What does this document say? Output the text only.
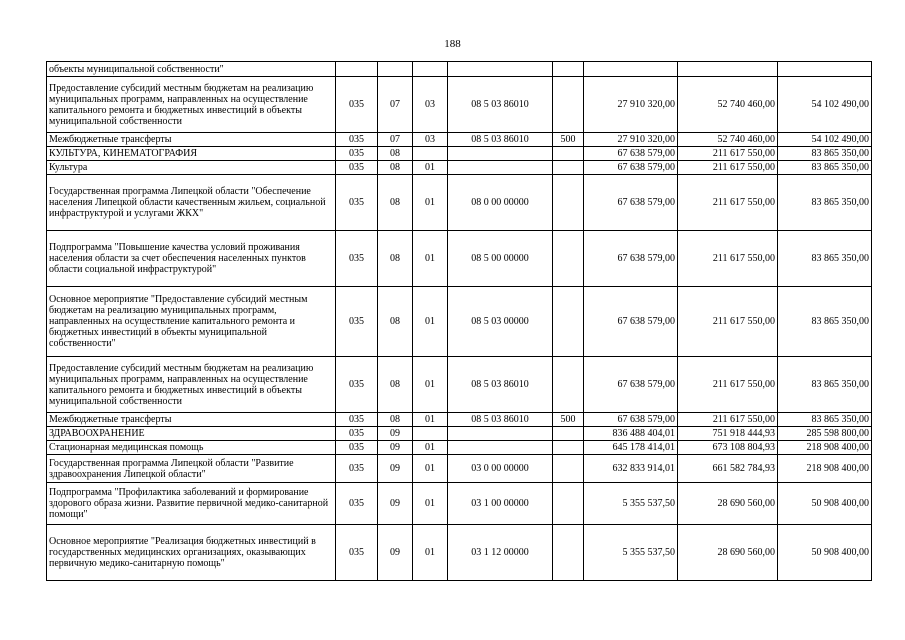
188
объекты муниципальной собственности"								
Предоставление субсидий местным бюджетам на реализацию муниципальных программ, направленных на осуществление капитального ремонта и бюджетных инвестиций в объекты муниципальной собственности	035	07	03	08 5 03 86010		27 910 320,00	52 740 460,00	54 102 490,00
Межбюджетные трансферты	035	07	03	08 5 03 86010	500	27 910 320,00	52 740 460,00	54 102 490,00
КУЛЬТУРА, КИНЕМАТОГРАФИЯ	035	08				67 638 579,00	211 617 550,00	83 865 350,00
Культура	035	08	01			67 638 579,00	211 617 550,00	83 865 350,00
Государственная программа Липецкой области "Обеспечение населения Липецкой области качественным жильем, социальной инфраструктурой и услугами ЖКХ"	035	08	01	08 0 00 00000		67 638 579,00	211 617 550,00	83 865 350,00
Подпрограмма "Повышение качества условий проживания населения области за счет обеспечения населенных пунктов области социальной инфраструктурой"	035	08	01	08 5 00 00000		67 638 579,00	211 617 550,00	83 865 350,00
Основное мероприятие "Предоставление субсидий местным бюджетам на реализацию муниципальных программ, направленных на осуществление капитального ремонта и бюджетных инвестиций в объекты муниципальной собственности"	035	08	01	08 5 03 00000		67 638 579,00	211 617 550,00	83 865 350,00
Предоставление субсидий местным бюджетам на реализацию муниципальных программ, направленных на осуществление капитального ремонта и бюджетных инвестиций в объекты муниципальной собственности	035	08	01	08 5 03 86010		67 638 579,00	211 617 550,00	83 865 350,00
Межбюджетные трансферты	035	08	01	08 5 03 86010	500	67 638 579,00	211 617 550,00	83 865 350,00
ЗДРАВООХРАНЕНИЕ	035	09				836 488 404,01	751 918 444,93	285 598 800,00
Стационарная медицинская помощь	035	09	01			645 178 414,01	673 108 804,93	218 908 400,00
Государственная программа Липецкой области "Развитие здравоохранения Липецкой области"	035	09	01	03 0 00 00000		632 833 914,01	661 582 784,93	218 908 400,00
Подпрограмма "Профилактика заболеваний и формирование здорового образа жизни. Развитие первичной медико-санитарной помощи"	035	09	01	03 1 00 00000		5 355 537,50	28 690 560,00	50 908 400,00
Основное мероприятие "Реализация бюджетных инвестиций в государственных медицинских организациях, оказывающих первичную медико-санитарную помощь"	035	09	01	03 1 12 00000		5 355 537,50	28 690 560,00	50 908 400,00
